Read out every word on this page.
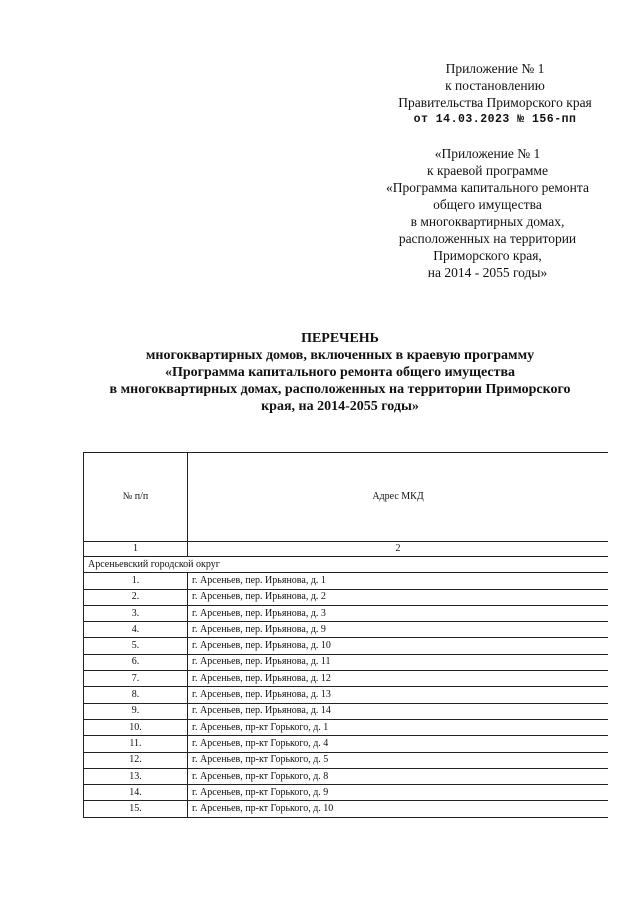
Приложение № 1
к постановлению
Правительства Приморского края
от 14.03.2023 № 156-пп
«Приложение № 1
к краевой программе
«Программа капитального ремонта
общего имущества
в многоквартирных домах,
расположенных на территории
Приморского края,
на 2014 - 2055 годы»
ПЕРЕЧЕНЬ
многоквартирных домов, включенных в краевую программу
«Программа капитального ремонта общего имущества
в многоквартирных домах, расположенных на территории Приморского
края, на 2014-2055 годы»
№ п/п	Адрес МКД
1	2
Арсеньевский городской округ	
1.	г. Арсеньев, пер. Ирьянова, д. 1
2.	г. Арсеньев, пер. Ирьянова, д. 2
3.	г. Арсеньев, пер. Ирьянова, д. 3
4.	г. Арсеньев, пер. Ирьянова, д. 9
5.	г. Арсеньев, пер. Ирьянова, д. 10
6.	г. Арсеньев, пер. Ирьянова, д. 11
7.	г. Арсеньев, пер. Ирьянова, д. 12
8.	г. Арсеньев, пер. Ирьянова, д. 13
9.	г. Арсеньев, пер. Ирьянова, д. 14
10.	г. Арсеньев, пр-кт Горького, д. 1
11.	г. Арсеньев, пр-кт Горького, д. 4
12.	г. Арсеньев, пр-кт Горького, д. 5
13.	г. Арсеньев, пр-кт Горького, д. 8
14.	г. Арсеньев, пр-кт Горького, д. 9
15.	г. Арсеньев, пр-кт Горького, д. 10
